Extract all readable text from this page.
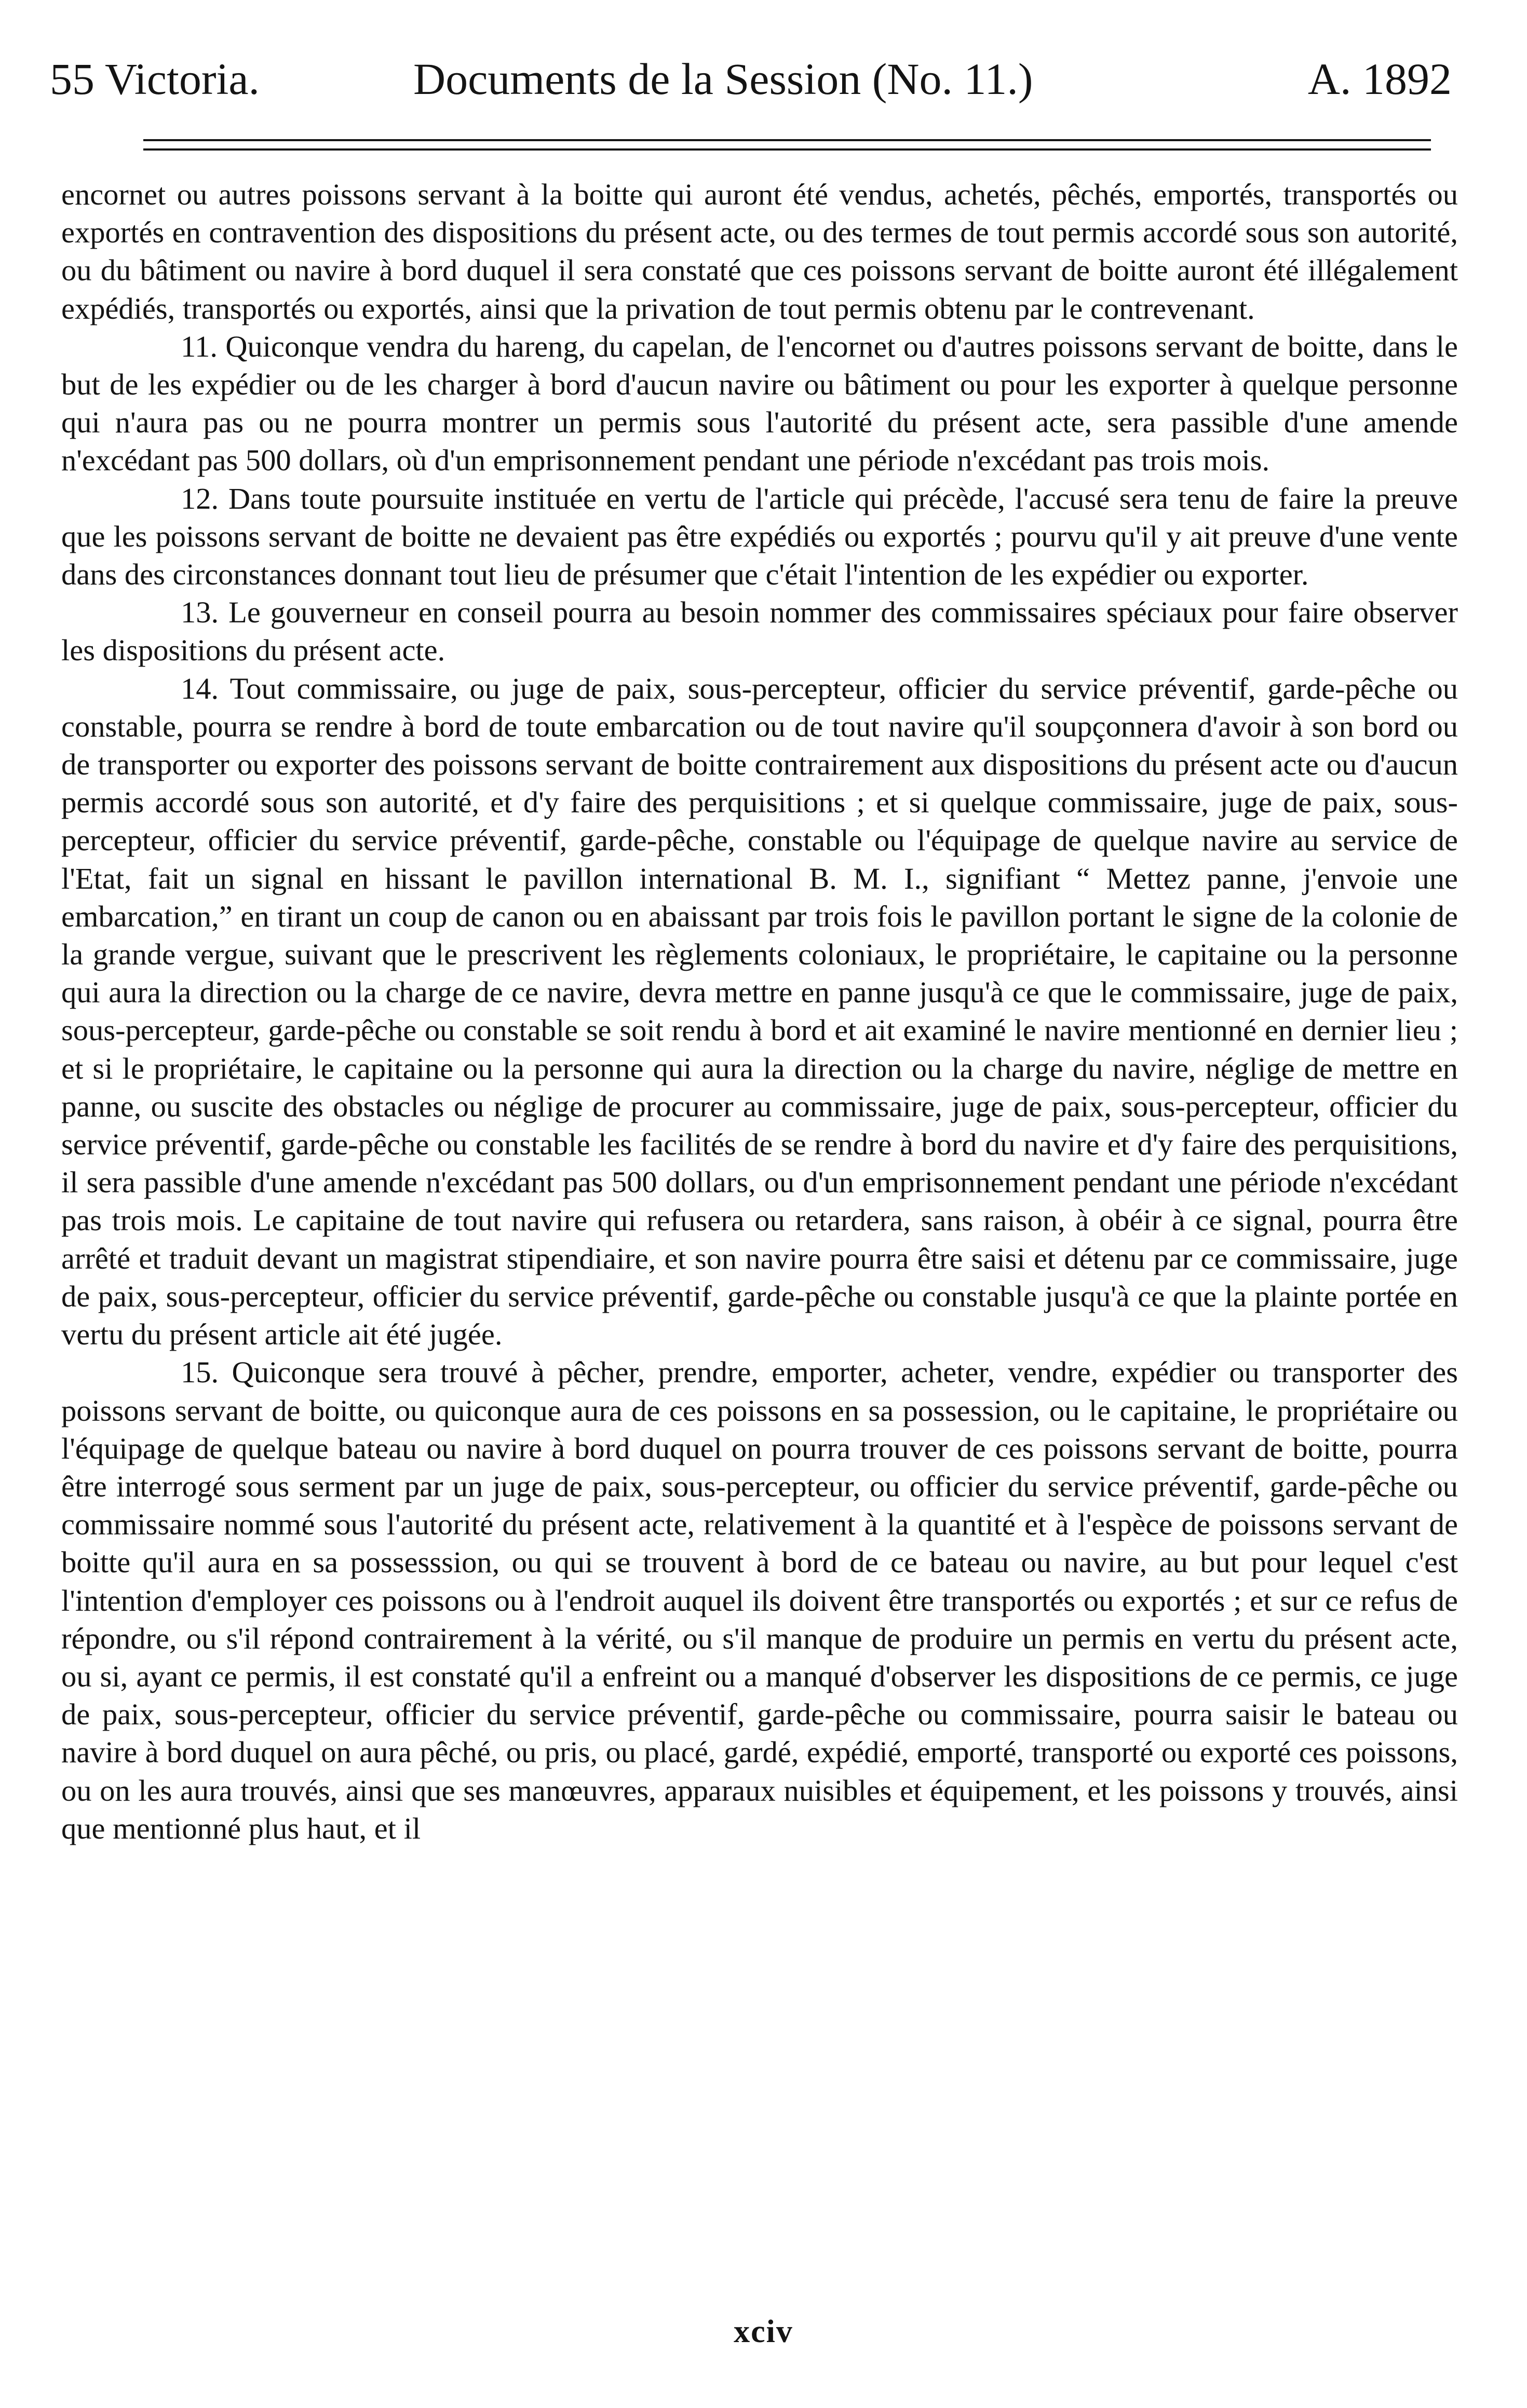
55 Victoria.	Documents de la Session (No. 11.)	A. 1892

encornet ou autres poissons servant à la boitte qui auront été vendus, achetés, pêchés, emportés, transportés ou exportés en contravention des dispositions du présent acte, ou des termes de tout permis accordé sous son autorité, ou du bâtiment ou navire à bord duquel il sera constaté que ces poissons servant de boitte auront été illégalement expédiés, transportés ou exportés, ainsi que la privation de tout permis obtenu par le contrevenant.

11. Quiconque vendra du hareng, du capelan, de l'encornet ou d'autres poissons servant de boitte, dans le but de les expédier ou de les charger à bord d'aucun navire ou bâtiment ou pour les exporter à quelque personne qui n'aura pas ou ne pourra montrer un permis sous l'autorité du présent acte, sera passible d'une amende n'excédant pas 500 dollars, où d'un emprisonnement pendant une période n'excédant pas trois mois.

12. Dans toute poursuite instituée en vertu de l'article qui précède, l'accusé sera tenu de faire la preuve que les poissons servant de boitte ne devaient pas être expédiés ou exportés ; pourvu qu'il y ait preuve d'une vente dans des circonstances donnant tout lieu de présumer que c'était l'intention de les expédier ou exporter.

13. Le gouverneur en conseil pourra au besoin nommer des commissaires spéciaux pour faire observer les dispositions du présent acte.

14. Tout commissaire, ou juge de paix, sous-percepteur, officier du service préventif, garde-pêche ou constable, pourra se rendre à bord de toute embarcation ou de tout navire qu'il soupçonnera d'avoir à son bord ou de transporter ou exporter des poissons servant de boitte contrairement aux dispositions du présent acte ou d'aucun permis accordé sous son autorité, et d'y faire des perquisitions ; et si quelque commissaire, juge de paix, sous-percepteur, officier du service préventif, garde-pêche, constable ou l'équipage de quelque navire au service de l'Etat, fait un signal en hissant le pavillon international B. M. I., signifiant “ Mettez panne, j'envoie une embarcation,” en tirant un coup de canon ou en abaissant par trois fois le pavillon portant le signe de la colonie de la grande vergue, suivant que le prescrivent les règlements coloniaux, le propriétaire, le capitaine ou la personne qui aura la direction ou la charge de ce navire, devra mettre en panne jusqu'à ce que le commissaire, juge de paix, sous-percepteur, garde-pêche ou constable se soit rendu à bord et ait examiné le navire mentionné en dernier lieu ; et si le propriétaire, le capitaine ou la personne qui aura la direction ou la charge du navire, néglige de mettre en panne, ou suscite des obstacles ou néglige de procurer au commissaire, juge de paix, sous-percepteur, officier du service préventif, garde-pêche ou constable les facilités de se rendre à bord du navire et d'y faire des perquisitions, il sera passible d'une amende n'excédant pas 500 dollars, ou d'un emprisonnement pendant une période n'excédant pas trois mois. Le capitaine de tout navire qui refusera ou retardera, sans raison, à obéir à ce signal, pourra être arrêté et traduit devant un magistrat stipendiaire, et son navire pourra être saisi et détenu par ce commissaire, juge de paix, sous-percepteur, officier du service préventif, garde-pêche ou constable jusqu'à ce que la plainte portée en vertu du présent article ait été jugée.

15. Quiconque sera trouvé à pêcher, prendre, emporter, acheter, vendre, expédier ou transporter des poissons servant de boitte, ou quiconque aura de ces poissons en sa possession, ou le capitaine, le propriétaire ou l'équipage de quelque bateau ou navire à bord duquel on pourra trouver de ces poissons servant de boitte, pourra être interrogé sous serment par un juge de paix, sous-percepteur, ou officier du service préventif, garde-pêche ou commissaire nommé sous l'autorité du présent acte, relativement à la quantité et à l'espèce de poissons servant de boitte qu'il aura en sa possesssion, ou qui se trouvent à bord de ce bateau ou navire, au but pour lequel c'est l'intention d'employer ces poissons ou à l'endroit auquel ils doivent être transportés ou exportés ; et sur ce refus de répondre, ou s'il répond contrairement à la vérité, ou s'il manque de produire un permis en vertu du présent acte, ou si, ayant ce permis, il est constaté qu'il a enfreint ou a manqué d'observer les dispositions de ce permis, ce juge de paix, sous-percepteur, officier du service préventif, garde-pêche ou commissaire, pourra saisir le bateau ou navire à bord duquel on aura pêché, ou pris, ou placé, gardé, expédié, emporté, transporté ou exporté ces poissons, ou on les aura trouvés, ainsi que ses manœuvres, apparaux nuisibles et équipement, et les poissons y trouvés, ainsi que mentionné plus haut, et il

xciv
